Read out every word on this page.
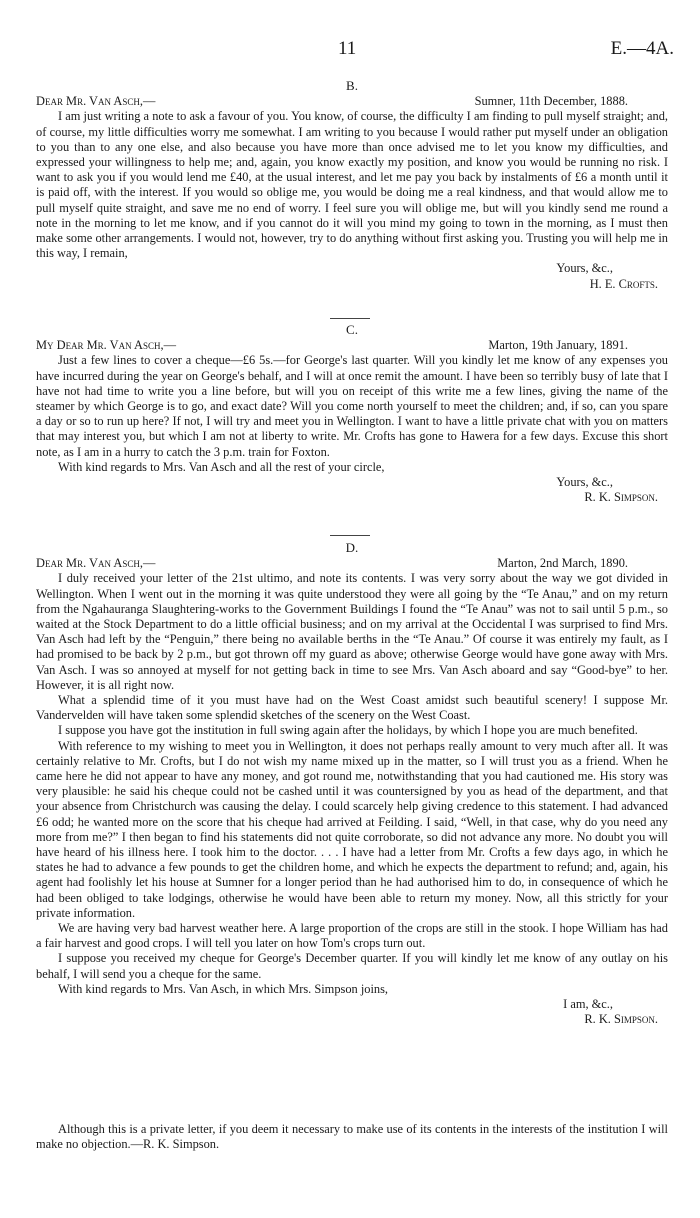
11	E.—4A.
B.
Dear Mr. Van Asch,—	Sumner, 11th December, 1888.

I am just writing a note to ask a favour of you. You know, of course, the difficulty I am finding to pull myself straight; and, of course, my little difficulties worry me somewhat. I am writing to you because I would rather put myself under an obligation to you than to any one else, and also because you have more than once advised me to let you know my difficulties, and expressed your willingness to help me; and, again, you know exactly my position, and know you would be running no risk. I want to ask you if you would lend me £40, at the usual interest, and let me pay you back by instalments of £6 a month until it is paid off, with the interest. If you would so oblige me, you would be doing me a real kindness, and that would allow me to pull myself quite straight, and save me no end of worry. I feel sure you will oblige me, but will you kindly send me round a note in the morning to let me know, and if you cannot do it will you mind my going to town in the morning, as I must then make some other arrangements. I would not, however, try to do anything without first asking you. Trusting you will help me in this way, I remain,

Yours, &c.,
H. E. Crofts.
C.
My Dear Mr. Van Asch,—	Marton, 19th January, 1891.

Just a few lines to cover a cheque—£6 5s.—for George's last quarter. Will you kindly let me know of any expenses you have incurred during the year on George's behalf, and I will at once remit the amount. I have been so terribly busy of late that I have not had time to write you a line before, but will you on receipt of this write me a few lines, giving the name of the steamer by which George is to go, and exact date? Will you come north yourself to meet the children; and, if so, can you spare a day or so to run up here? If not, I will try and meet you in Wellington. I want to have a little private chat with you on matters that may interest you, but which I am not at liberty to write. Mr. Crofts has gone to Hawera for a few days. Excuse this short note, as I am in a hurry to catch the 3 p.m. train for Foxton.

With kind regards to Mrs. Van Asch and all the rest of your circle,

Yours, &c.,
R. K. Simpson.
D.
Dear Mr. Van Asch,—	Marton, 2nd March, 1890.

I duly received your letter of the 21st ultimo, and note its contents. I was very sorry about the way we got divided in Wellington. When I went out in the morning it was quite understood they were all going by the “Te Anau,” and on my return from the Ngahauranga Slaughtering-works to the Government Buildings I found the “Te Anau” was not to sail until 5 p.m., so waited at the Stock Department to do a little official business; and on my arrival at the Occidental I was surprised to find Mrs. Van Asch had left by the “Penguin,” there being no available berths in the “Te Anau.” Of course it was entirely my fault, as I had promised to be back by 2 p.m., but got thrown off my guard as above; otherwise George would have gone away with Mrs. Van Asch. I was so annoyed at myself for not getting back in time to see Mrs. Van Asch aboard and say “Good-bye” to her. However, it is all right now.

What a splendid time of it you must have had on the West Coast amidst such beautiful scenery! I suppose Mr. Vandervelden will have taken some splendid sketches of the scenery on the West Coast.

I suppose you have got the institution in full swing again after the holidays, by which I hope you are much benefited.

With reference to my wishing to meet you in Wellington, it does not perhaps really amount to very much after all. It was certainly relative to Mr. Crofts, but I do not wish my name mixed up in the matter, so I will trust you as a friend. When he came here he did not appear to have any money, and got round me, notwithstanding that you had cautioned me. His story was very plausible: he said his cheque could not be cashed until it was countersigned by you as head of the department, and that your absence from Christchurch was causing the delay. I could scarcely help giving credence to this statement. I had advanced £6 odd; he wanted more on the score that his cheque had arrived at Feilding. I said, “Well, in that case, why do you need any more from me?” I then began to find his statements did not quite corroborate, so did not advance any more. No doubt you will have heard of his illness here. I took him to the doctor. . . . I have had a letter from Mr. Crofts a few days ago, in which he states he had to advance a few pounds to get the children home, and which he expects the department to refund; and, again, his agent had foolishly let his house at Sumner for a longer period than he had authorised him to do, in consequence of which he had been obliged to take lodgings, otherwise he would have been able to return my money. Now, all this strictly for your private information.

We are having very bad harvest weather here. A large proportion of the crops are still in the stook. I hope William has had a fair harvest and good crops. I will tell you later on how Tom's crops turn out.

I suppose you received my cheque for George's December quarter. If you will kindly let me know of any outlay on his behalf, I will send you a cheque for the same.

With kind regards to Mrs. Van Asch, in which Mrs. Simpson joins,

I am, &c.,
R. K. Simpson.

Although this is a private letter, if you deem it necessary to make use of its contents in the interests of the institution I will make no objection.—R. K. Simpson.
